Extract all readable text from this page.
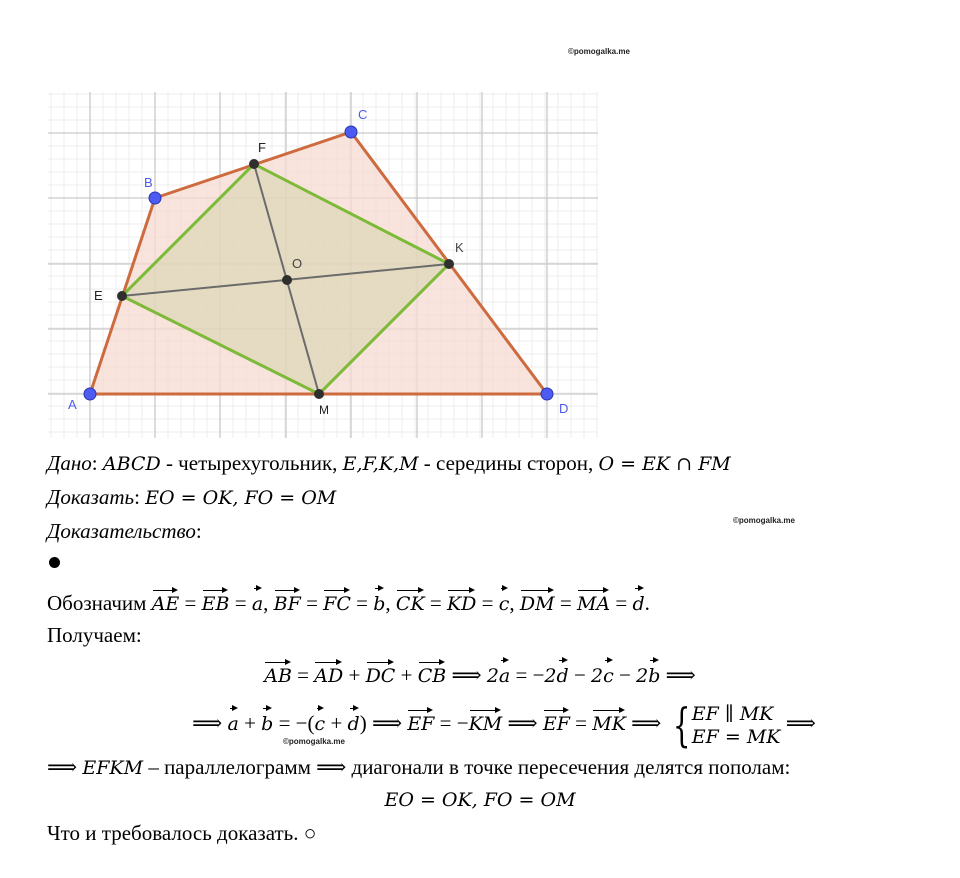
©pomogalka.me
©pomogalka.me
©pomogalka.me
A
B
C
D
E
F
K
M
O
Дано: ABCD - четырехугольник, E,F,K,M - середины сторон, O = EK ∩ FM
Доказать: EO = OK, FO = OM
Доказательство:
Обозначим AE = EB = a, BF = FC = b, CK = KD = c, DM = MA = d.
Получаем:
AB = AD + DC + CB ⟹ 2a = −2d − 2c − 2b ⟹
⟹ a + b = −(c + d) ⟹ EF = −KM ⟹ EF = MK ⟹ {EF ∥ MK
EF = MK ⟹
⟹ EFKM – параллелограмм ⟹ диагонали в точке пересечения делятся пополам:
EO = OK, FO = OM
Что и требовалось доказать. ○
